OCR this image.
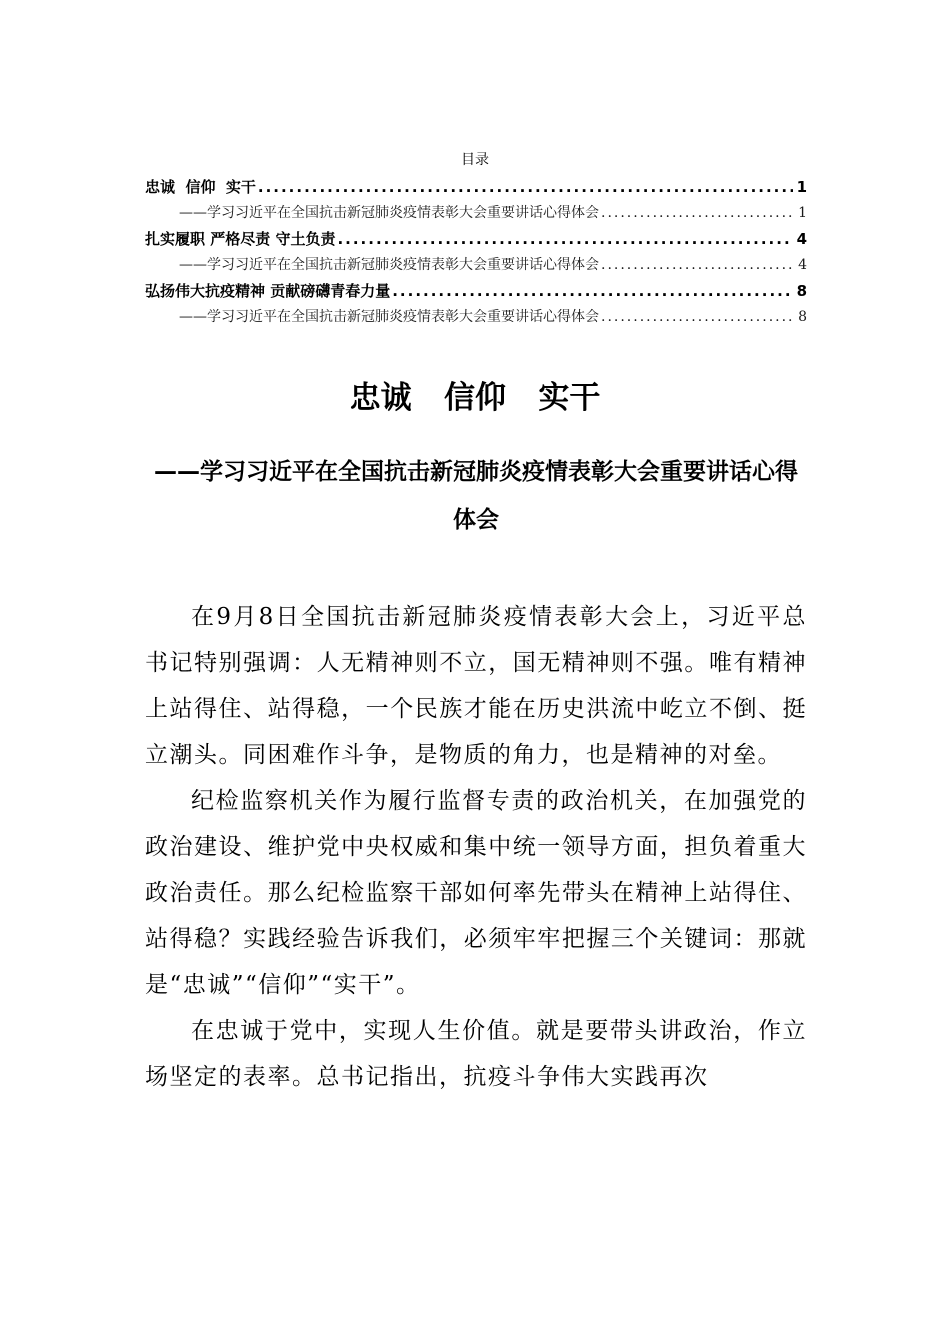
目录
忠诚  信仰  实干 .....	1
——学习习近平在全国抗击新冠肺炎疫情表彰大会重要讲话心得体会 .....	1
扎实履职 严格尽责 守土负责 .....	4
——学习习近平在全国抗击新冠肺炎疫情表彰大会重要讲话心得体会 .....	4
弘扬伟大抗疫精神 贡献磅礴青春力量 .....	8
——学习习近平在全国抗击新冠肺炎疫情表彰大会重要讲话心得体会 .....	8
忠诚   信仰   实干
——学习习近平在全国抗击新冠肺炎疫情表彰大会重要讲话心得体会

在9月8日全国抗击新冠肺炎疫情表彰大会上，习近平总书记特别强调：人无精神则不立，国无精神则不强。唯有精神上站得住、站得稳，一个民族才能在历史洪流中屹立不倒、挺立潮头。同困难作斗争，是物质的角力，也是精神的对垒。

纪检监察机关作为履行监督专责的政治机关，在加强党的政治建设、维护党中央权威和集中统一领导方面，担负着重大政治责任。那么纪检监察干部如何率先带头在精神上站得住、站得稳？实践经验告诉我们，必须牢牢把握三个关键词：那就是“忠诚”“信仰”“实干”。

在忠诚于党中，实现人生价值。就是要带头讲政治，作立场坚定的表率。总书记指出，抗疫斗争伟大实践再次
